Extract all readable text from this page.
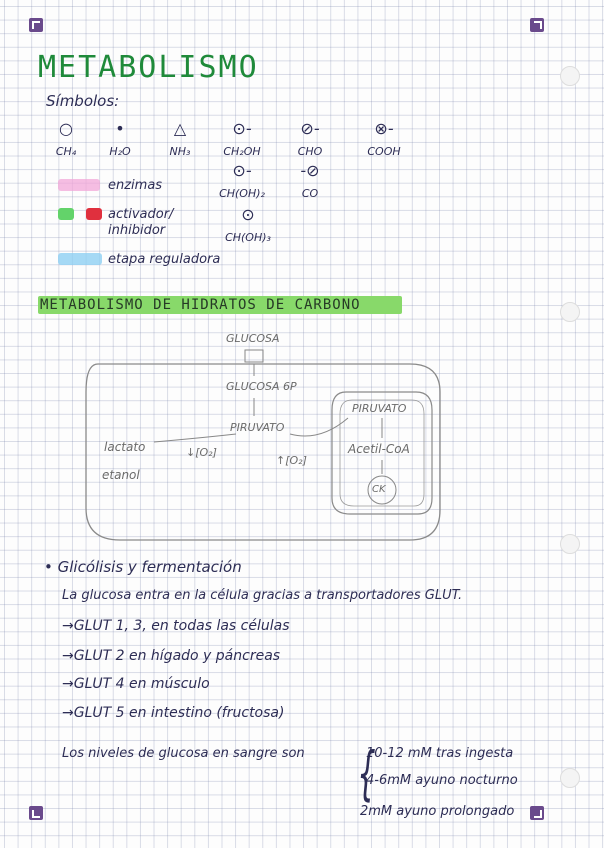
METABOLISMO
Símbolos:
○
CH₄
•
H₂O
△
NH₃
⊙-
CH₂OH
⊘-
CHO
⊗-
COOH
⊙-
CH(OH)₂
-⊘
CO
⊙
CH(OH)₃
enzimas
activador/ inhibidor
etapa reguladora
METABOLISMO DE HIDRATOS DE CARBONO
GLUCOSA
GLUCOSA 6P
PIRUVATO
PIRUVATO
lactato
etanol
↓[O₂]
↑[O₂]
Acetil-CoA
CK
• Glicólisis y fermentación
La glucosa entra en la célula gracias a transportadores GLUT.
→GLUT 1, 3, en todas las células
→GLUT 2 en hígado y páncreas
→GLUT 4 en músculo
→GLUT 5 en intestino (fructosa)
Los niveles de glucosa en sangre son {
10-12 mM tras ingesta
4-6mM ayuno nocturno
2mM ayuno prolongado
